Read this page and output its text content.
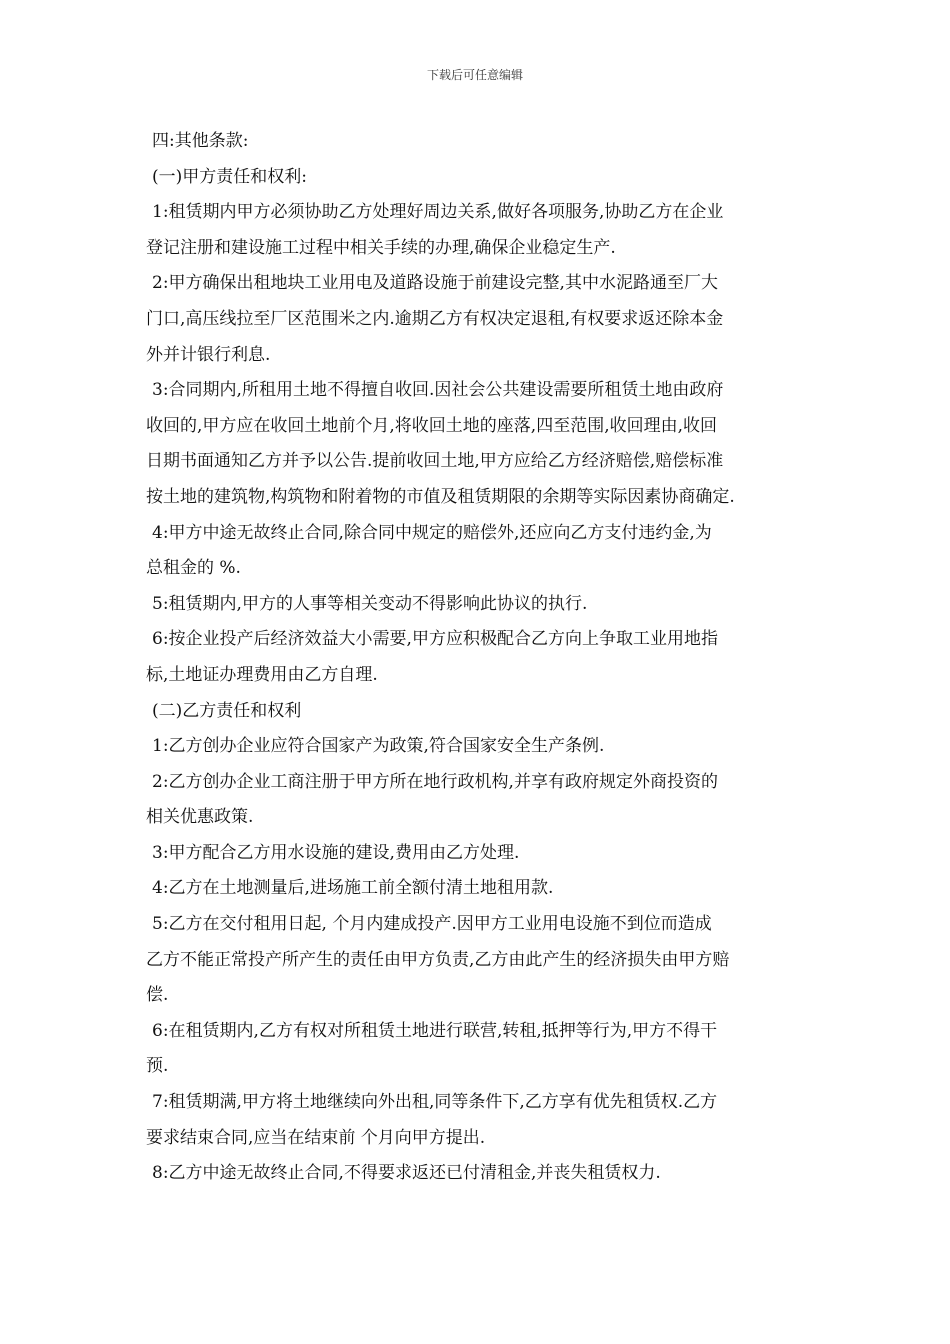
下载后可任意编辑
四:其他条款:
(一)甲方责任和权利:
1:租赁期内甲方必须协助乙方处理好周边关系,做好各项服务,协助乙方在企业
登记注册和建设施工过程中相关手续的办理,确保企业稳定生产.
2:甲方确保出租地块工业用电及道路设施于前建设完整,其中水泥路通至厂大
门口,高压线拉至厂区范围米之内.逾期乙方有权决定退租,有权要求返还除本金
外并计银行利息.
3:合同期内,所租用土地不得擅自收回.因社会公共建设需要所租赁土地由政府
收回的,甲方应在收回土地前个月,将收回土地的座落,四至范围,收回理由,收回
日期书面通知乙方并予以公告.提前收回土地,甲方应给乙方经济赔偿,赔偿标准
按土地的建筑物,构筑物和附着物的市值及租赁期限的余期等实际因素协商确定.
4:甲方中途无故终止合同,除合同中规定的赔偿外,还应向乙方支付违约金,为
总租金的 %.
5:租赁期内,甲方的人事等相关变动不得影响此协议的执行.
6:按企业投产后经济效益大小需要,甲方应积极配合乙方向上争取工业用地指
标,土地证办理费用由乙方自理.
(二)乙方责任和权利
1:乙方创办企业应符合国家产为政策,符合国家安全生产条例.
2:乙方创办企业工商注册于甲方所在地行政机构,并享有政府规定外商投资的
相关优惠政策.
3:甲方配合乙方用水设施的建设,费用由乙方处理.
4:乙方在土地测量后,进场施工前全额付清土地租用款.
5:乙方在交付租用日起, 个月内建成投产.因甲方工业用电设施不到位而造成
乙方不能正常投产所产生的责任由甲方负责,乙方由此产生的经济损失由甲方赔
偿.
6:在租赁期内,乙方有权对所租赁土地进行联营,转租,抵押等行为,甲方不得干
预.
7:租赁期满,甲方将土地继续向外出租,同等条件下,乙方享有优先租赁权.乙方
要求结束合同,应当在结束前 个月向甲方提出.
8:乙方中途无故终止合同,不得要求返还已付清租金,并丧失租赁权力.
